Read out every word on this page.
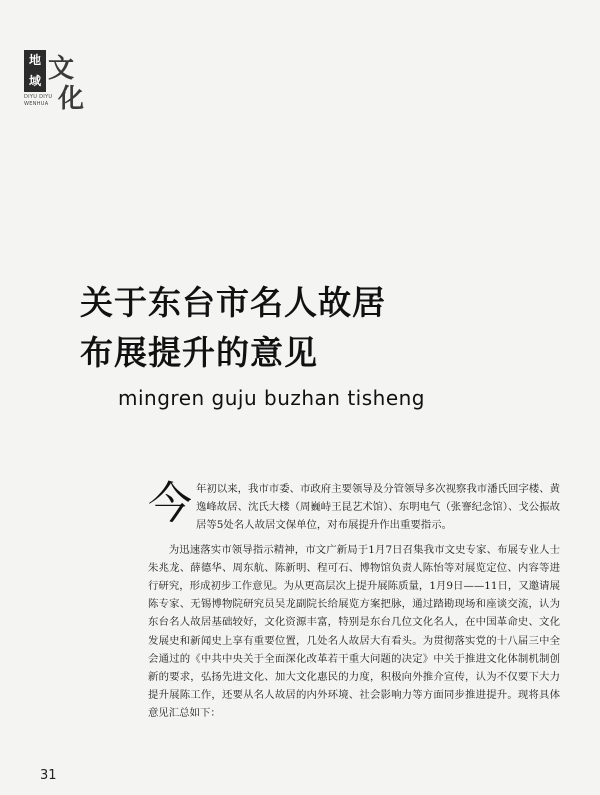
地
域 文
化
DIYU DIYU
WENHUA
关于东台市名人故居
布展提升的意见
mingren guju buzhan tisheng
今 年初以来，我市市委、市政府主要领导及分管领导多次视察我市潘氏回字楼、黄逸峰故居、沈氏大楼（周巍峙王昆艺术馆）、东明电气（张謇纪念馆）、戈公振故居等5处名人故居文保单位，对布展提升作出重要指示。

为迅速落实市领导指示精神，市文广新局于1月7日召集我市文史专家、布展专业人士朱兆龙、薛德华、周东航、陈新明、程可石、博物馆负责人陈怡等对展览定位、内容等进行研究，形成初步工作意见。为从更高层次上提升展陈质量，1月9日——11日，又邀请展陈专家、无锡博物院研究员吴龙副院长给展览方案把脉，通过踏勘现场和座谈交流，认为东台名人故居基础较好，文化资源丰富，特别是东台几位文化名人，在中国革命史、文化发展史和新闻史上享有重要位置，几处名人故居大有看头。为贯彻落实党的十八届三中全会通过的《中共中央关于全面深化改革若干重大问题的决定》中关于推进文化体制机制创新的要求，弘扬先进文化、加大文化惠民的力度，积极向外推介宣传，认为不仅要下大力提升展陈工作，还要从名人故居的内外环境、社会影响力等方面同步推进提升。现将具体意见汇总如下：

31
